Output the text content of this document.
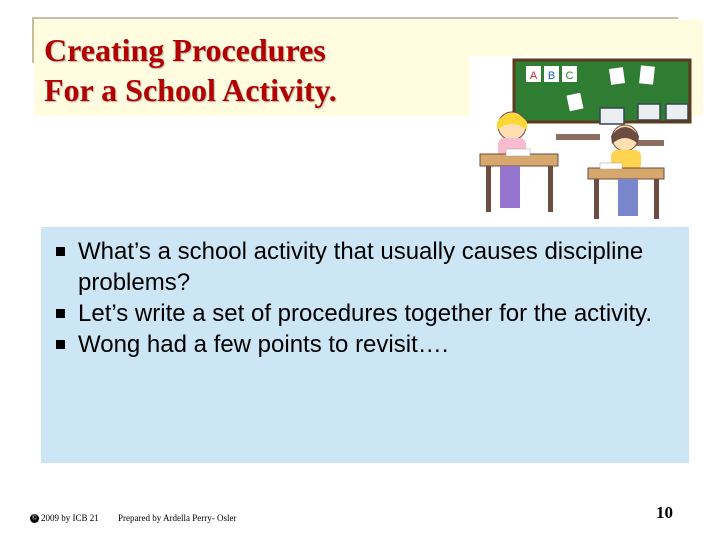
Creating Procedures
For a School Activity.	A B C
What’s a school activity that usually causes discipline problems?
Let’s write a set of procedures together for the activity.
Wong had a few points to revisit….
© 2009 by ICB 21 Prepared by Ardella Perry- Osler	10
